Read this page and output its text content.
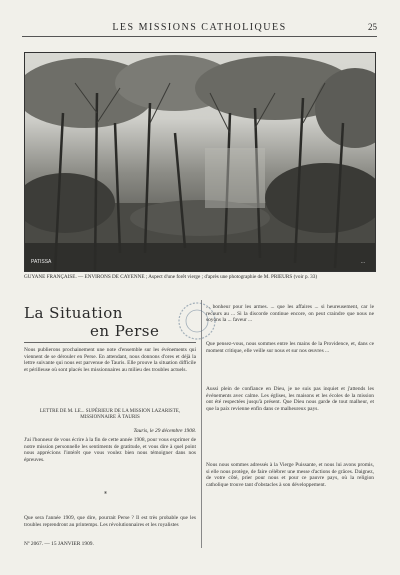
LES MISSIONS CATHOLIQUES	25
PATISSA	...
GUYANE FRANÇAISE. — ENVIRONS DE CAYENNE ; Aspect d'une forêt vierge ; d'après une photographie de M. PRIEURS (voir p. 33)
La Situation
en Perse
Nous publierons prochainement une note d'ensemble sur les événements qui viennent de se dérouler en Perse. En attendant, nous donnons d'ores et déjà la lettre suivante qui nous est parvenue de Tauris. Elle prouve la situation difficile et périlleuse où sont placés les missionnaires au milieu des troubles actuels.
LETTRE DE M. LE... SUPÉRIEUR DE LA MISSION LAZARISTE, MISSIONNAIRE À TAURIS
Tauris, le 29 décembre 1908.
J'ai l'honneur de vous écrire à la fin de cette année 1908, pour vous exprimer de notre mission personnelle les sentiments de gratitude, et vous dire à quel point nous apprécions l'intérêt que vous voulez bien nous témoigner dans nos épreuves.
*
Que sera l'année 1909, que dire, pourrait Perse ? Il est très probable que les troubles reprendront au printemps. Les révolutionnaires et les royalistes
Nº 2067. — 15 JANVIER 1909.
... bonheur pour les armes. ... que les affaires ... si heureusement, car le recours au ... Si la discorde continue encore, on peut craindre que nous ne soyons la ... faveur ...
Que pensez-vous, nous sommes entre les mains de la Providence, et, dans ce moment critique, elle veille sur nous et sur nos œuvres ...
Aussi plein de confiance en Dieu, je ne suis pas inquiet et j'attends les événements avec calme. Les églises, les maisons et les écoles de la mission ont été respectées jusqu'à présent. Que Dieu nous garde de tout malheur, et que la paix revienne enfin dans ce malheureux pays.
Nous nous sommes adressés à la Vierge Puissante, et nous lui avons promis, si elle nous protège, de faire célébrer une messe d'actions de grâces. Daignez, de votre côté, prier pour nous et pour ce pauvre pays, où la religion catholique trouve tant d'obstacles à son développement.
